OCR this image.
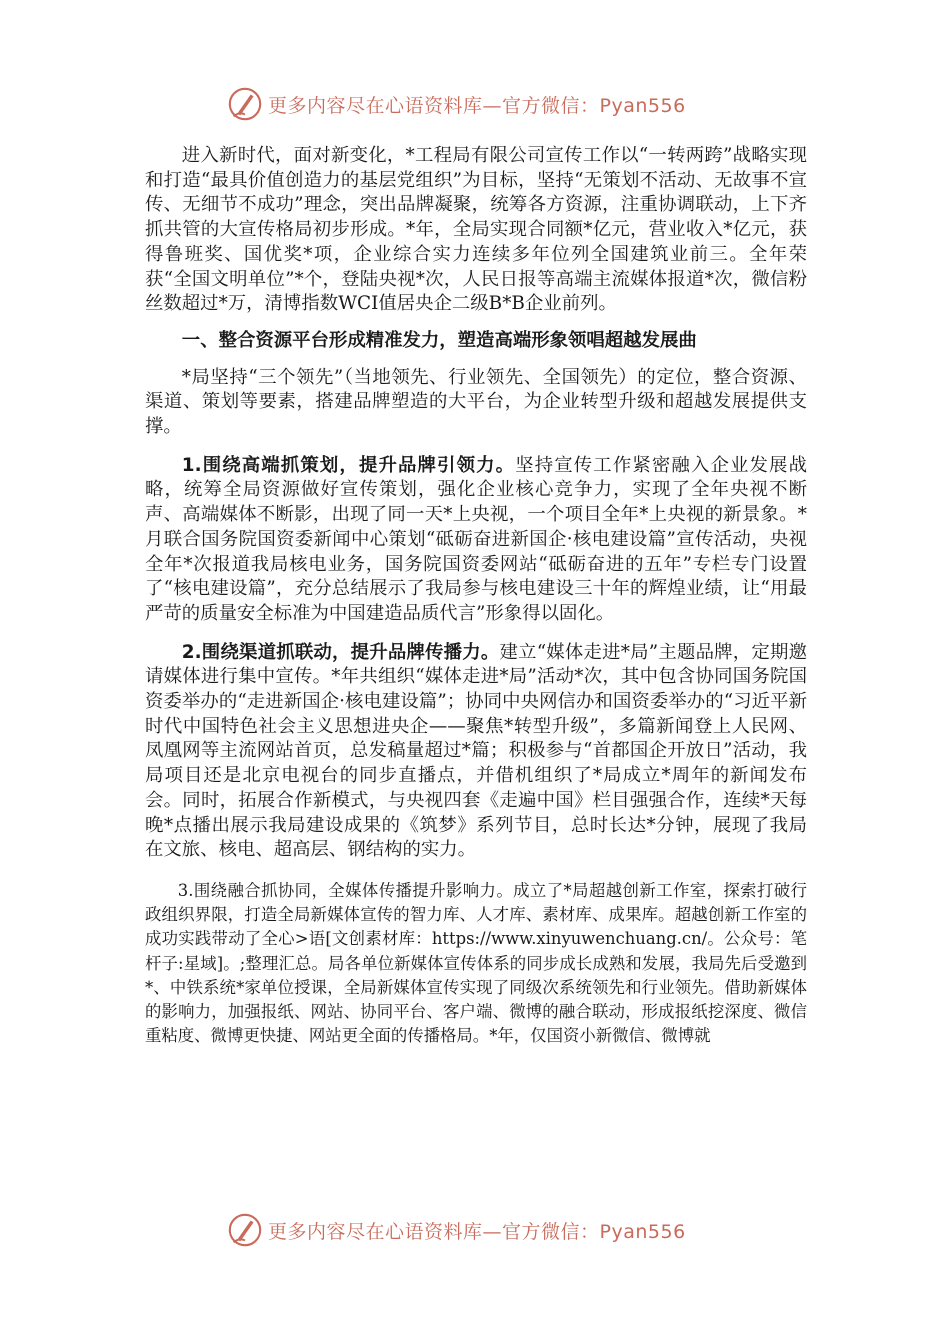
更多内容尽在心语资料库—官方微信：Pyan556

进入新时代，面对新变化，*工程局有限公司宣传工作以“一转两跨”战略实现和打造“最具价值创造力的基层党组织”为目标，坚持“无策划不活动、无故事不宣传、无细节不成功”理念，突出品牌凝聚，统筹各方资源，注重协调联动，上下齐抓共管的大宣传格局初步形成。*年，全局实现合同额*亿元，营业收入*亿元，获得鲁班奖、国优奖*项，企业综合实力连续多年位列全国建筑业前三。全年荣获“全国文明单位”*个，登陆央视*次，人民日报等高端主流媒体报道*次，微信粉丝数超过*万，清博指数WCI值居央企二级B*B企业前列。

一、整合资源平台形成精准发力，塑造高端形象领唱超越发展曲

*局坚持“三个领先”（当地领先、行业领先、全国领先）的定位，整合资源、渠道、策划等要素，搭建品牌塑造的大平台，为企业转型升级和超越发展提供支撑。

1.围绕高端抓策划，提升品牌引领力。坚持宣传工作紧密融入企业发展战略，统筹全局资源做好宣传策划，强化企业核心竞争力，实现了全年央视不断声、高端媒体不断影，出现了同一天*上央视，一个项目全年*上央视的新景象。*月联合国务院国资委新闻中心策划“砥砺奋进新国企·核电建设篇”宣传活动，央视全年*次报道我局核电业务，国务院国资委网站“砥砺奋进的五年”专栏专门设置了“核电建设篇”，充分总结展示了我局参与核电建设三十年的辉煌业绩，让“用最严苛的质量安全标准为中国建造品质代言”形象得以固化。

2.围绕渠道抓联动，提升品牌传播力。建立“媒体走进*局”主题品牌，定期邀请媒体进行集中宣传。*年共组织“媒体走进*局”活动*次，其中包含协同国务院国资委举办的“走进新国企·核电建设篇”；协同中央网信办和国资委举办的“习近平新时代中国特色社会主义思想进央企——聚焦*转型升级”，多篇新闻登上人民网、凤凰网等主流网站首页，总发稿量超过*篇；积极参与“首都国企开放日”活动，我局项目还是北京电视台的同步直播点，并借机组织了*局成立*周年的新闻发布会。同时，拓展合作新模式，与央视四套《走遍中国》栏目强强合作，连续*天每晚*点播出展示我局建设成果的《筑梦》系列节目，总时长达*分钟，展现了我局在文旅、核电、超高层、钢结构的实力。

3.围绕融合抓协同，全媒体传播提升影响力。成立了*局超越创新工作室，探索打破行政组织界限，打造全局新媒体宣传的智力库、人才库、素材库、成果库。超越创新工作室的成功实践带动了全心>语[文创素材库：https://www.xinyuwenchuang.cn/。公众号：笔杆子:星域]。;整理汇总。局各单位新媒体宣传体系的同步成长成熟和发展，我局先后受邀到*、中铁系统*家单位授课，全局新媒体宣传实现了同级次系统领先和行业领先。借助新媒体的影响力，加强报纸、网站、协同平台、客户端、微博的融合联动，形成报纸挖深度、微信重粘度、微博更快捷、网站更全面的传播格局。*年，仅国资小新微信、微博就

更多内容尽在心语资料库—官方微信：Pyan556
